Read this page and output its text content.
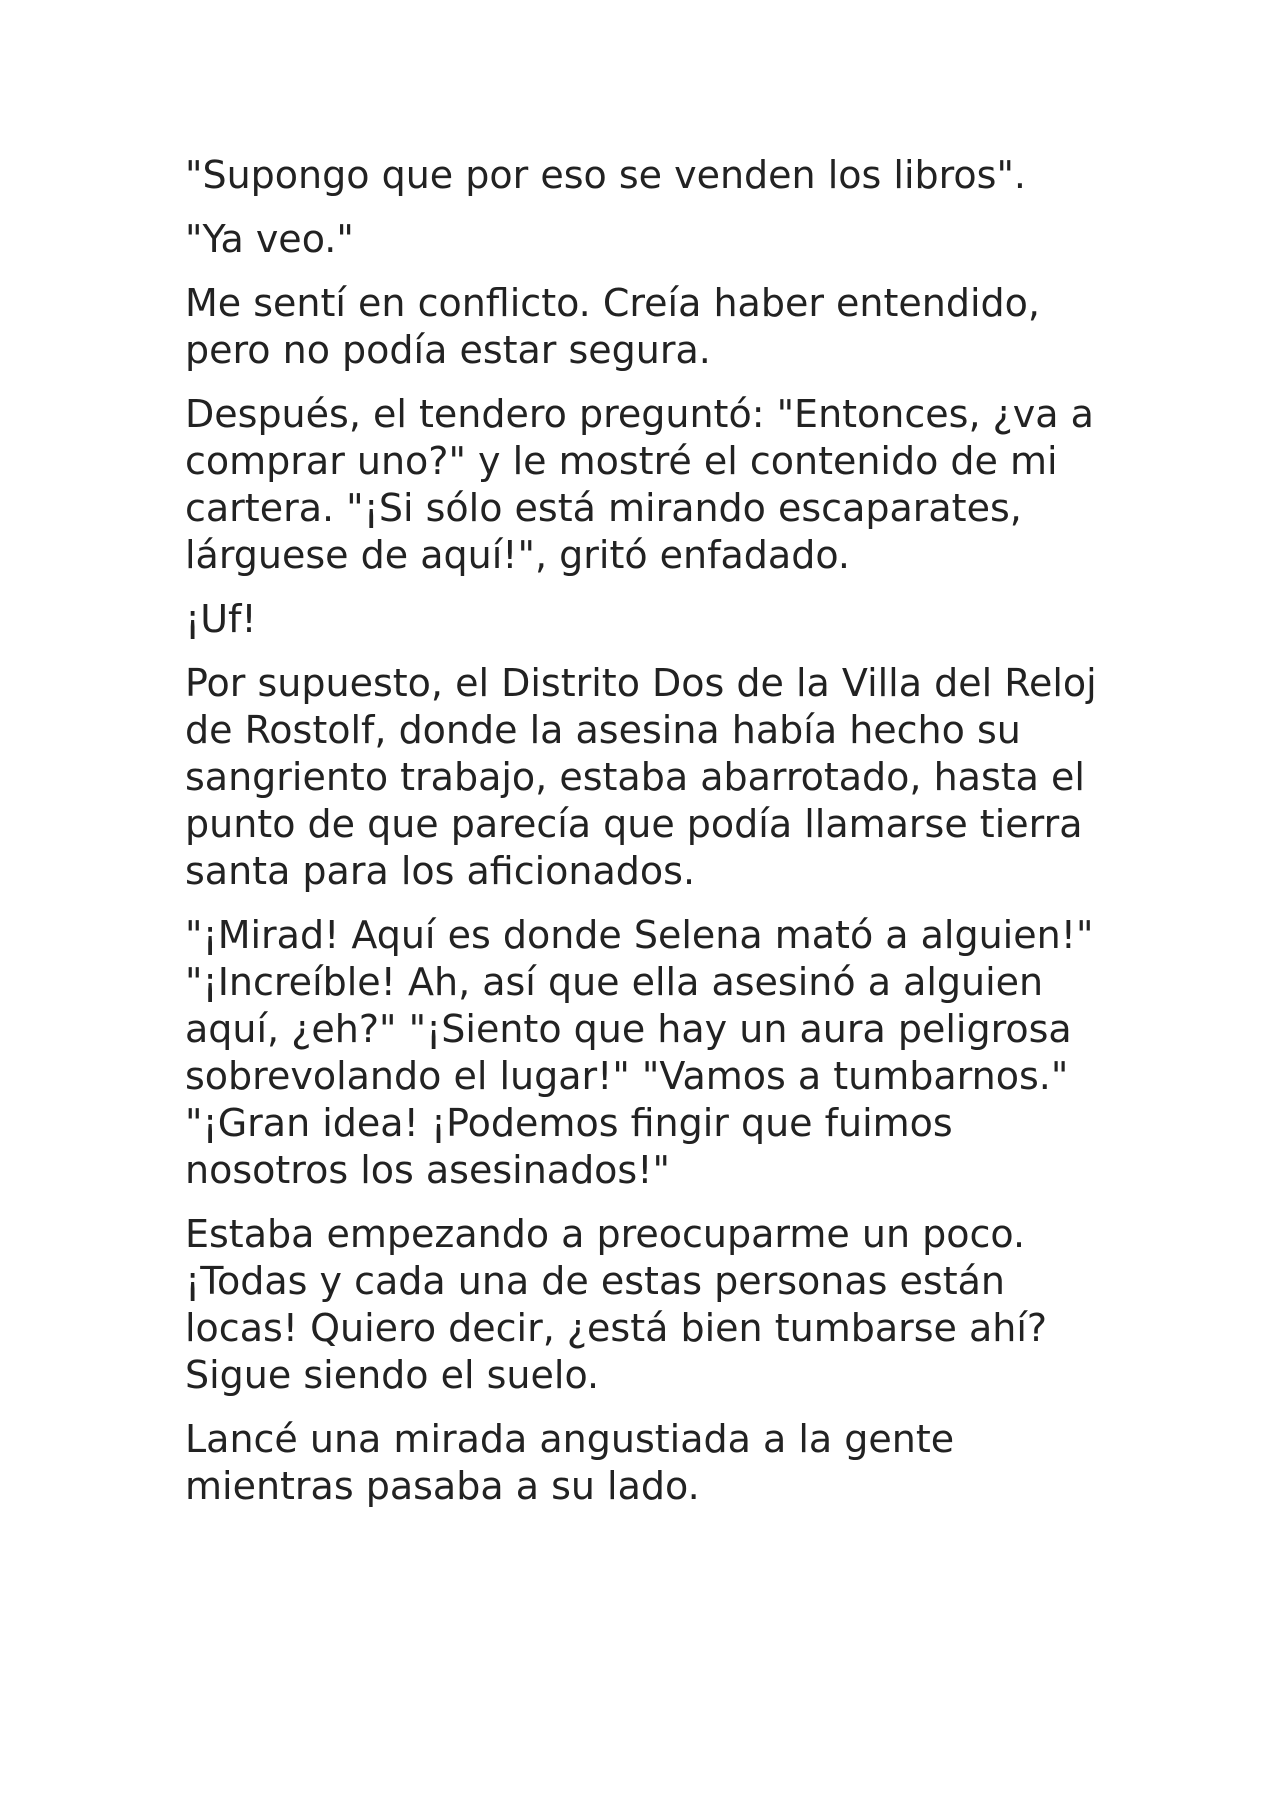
"Supongo que por eso se venden los libros".

"Ya veo."

Me sentí en conflicto. Creía haber entendido, pero no podía estar segura.

Después, el tendero preguntó: "Entonces, ¿va a comprar uno?" y le mostré el contenido de mi cartera. "¡Si sólo está mirando escaparates, lárguese de aquí!", gritó enfadado.

¡Uf!

Por supuesto, el Distrito Dos de la Villa del Reloj de Rostolf, donde la asesina había hecho su sangriento trabajo, estaba abarrotado, hasta el punto de que parecía que podía llamarse tierra santa para los aficionados.

"¡Mirad! Aquí es donde Selena mató a alguien!" "¡Increíble! Ah, así que ella asesinó a alguien aquí, ¿eh?" "¡Siento que hay un aura peligrosa sobrevolando el lugar!" "Vamos a tumbarnos." "¡Gran idea! ¡Podemos fingir que fuimos nosotros los asesinados!"

Estaba empezando a preocuparme un poco. ¡Todas y cada una de estas personas están locas! Quiero decir, ¿está bien tumbarse ahí? Sigue siendo el suelo.

Lancé una mirada angustiada a la gente mientras pasaba a su lado.
